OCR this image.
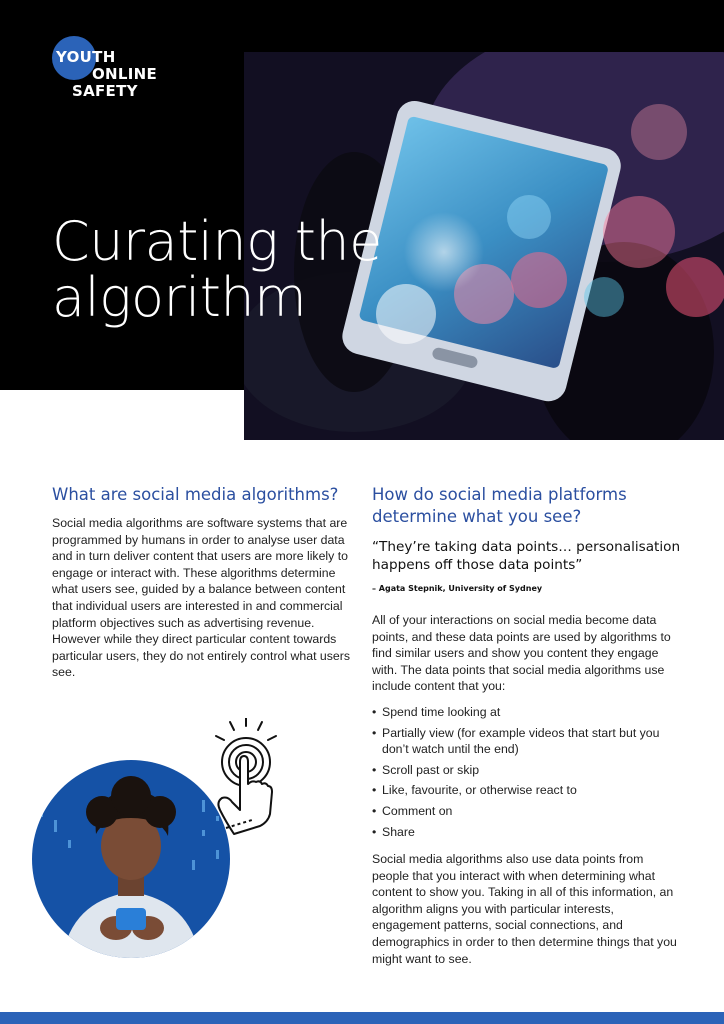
YOUTH
ONLINE
SAFETY
Curating the
algorithm
What are social media algorithms?

Social media algorithms are software systems that are programmed by humans in order to analyse user data and in turn deliver content that users are more likely to engage or interact with. These algorithms determine what users see, guided by a balance between content that individual users are interested in and commercial platform objectives such as advertising revenue. However while they direct particular content towards particular users, they do not entirely control what users see.

How do social media platforms determine what you see?

“They’re taking data points… personalisation happens off those data points”

– Agata Stepnik, University of Sydney

All of your interactions on social media become data points, and these data points are used by algorithms to find similar users and show you content they engage with. The data points that social media algorithms use include content that you:

• Spend time looking at
• Partially view (for example videos that start but you don’t watch until the end)
• Scroll past or skip
• Like, favourite, or otherwise react to
• Comment on
• Share

Social media algorithms also use data points from people that you interact with when determining what content to show you. Taking in all of this information, an algorithm aligns you with particular interests, engagement patterns, social connections, and demographics in order to then determine things that you might want to see.
